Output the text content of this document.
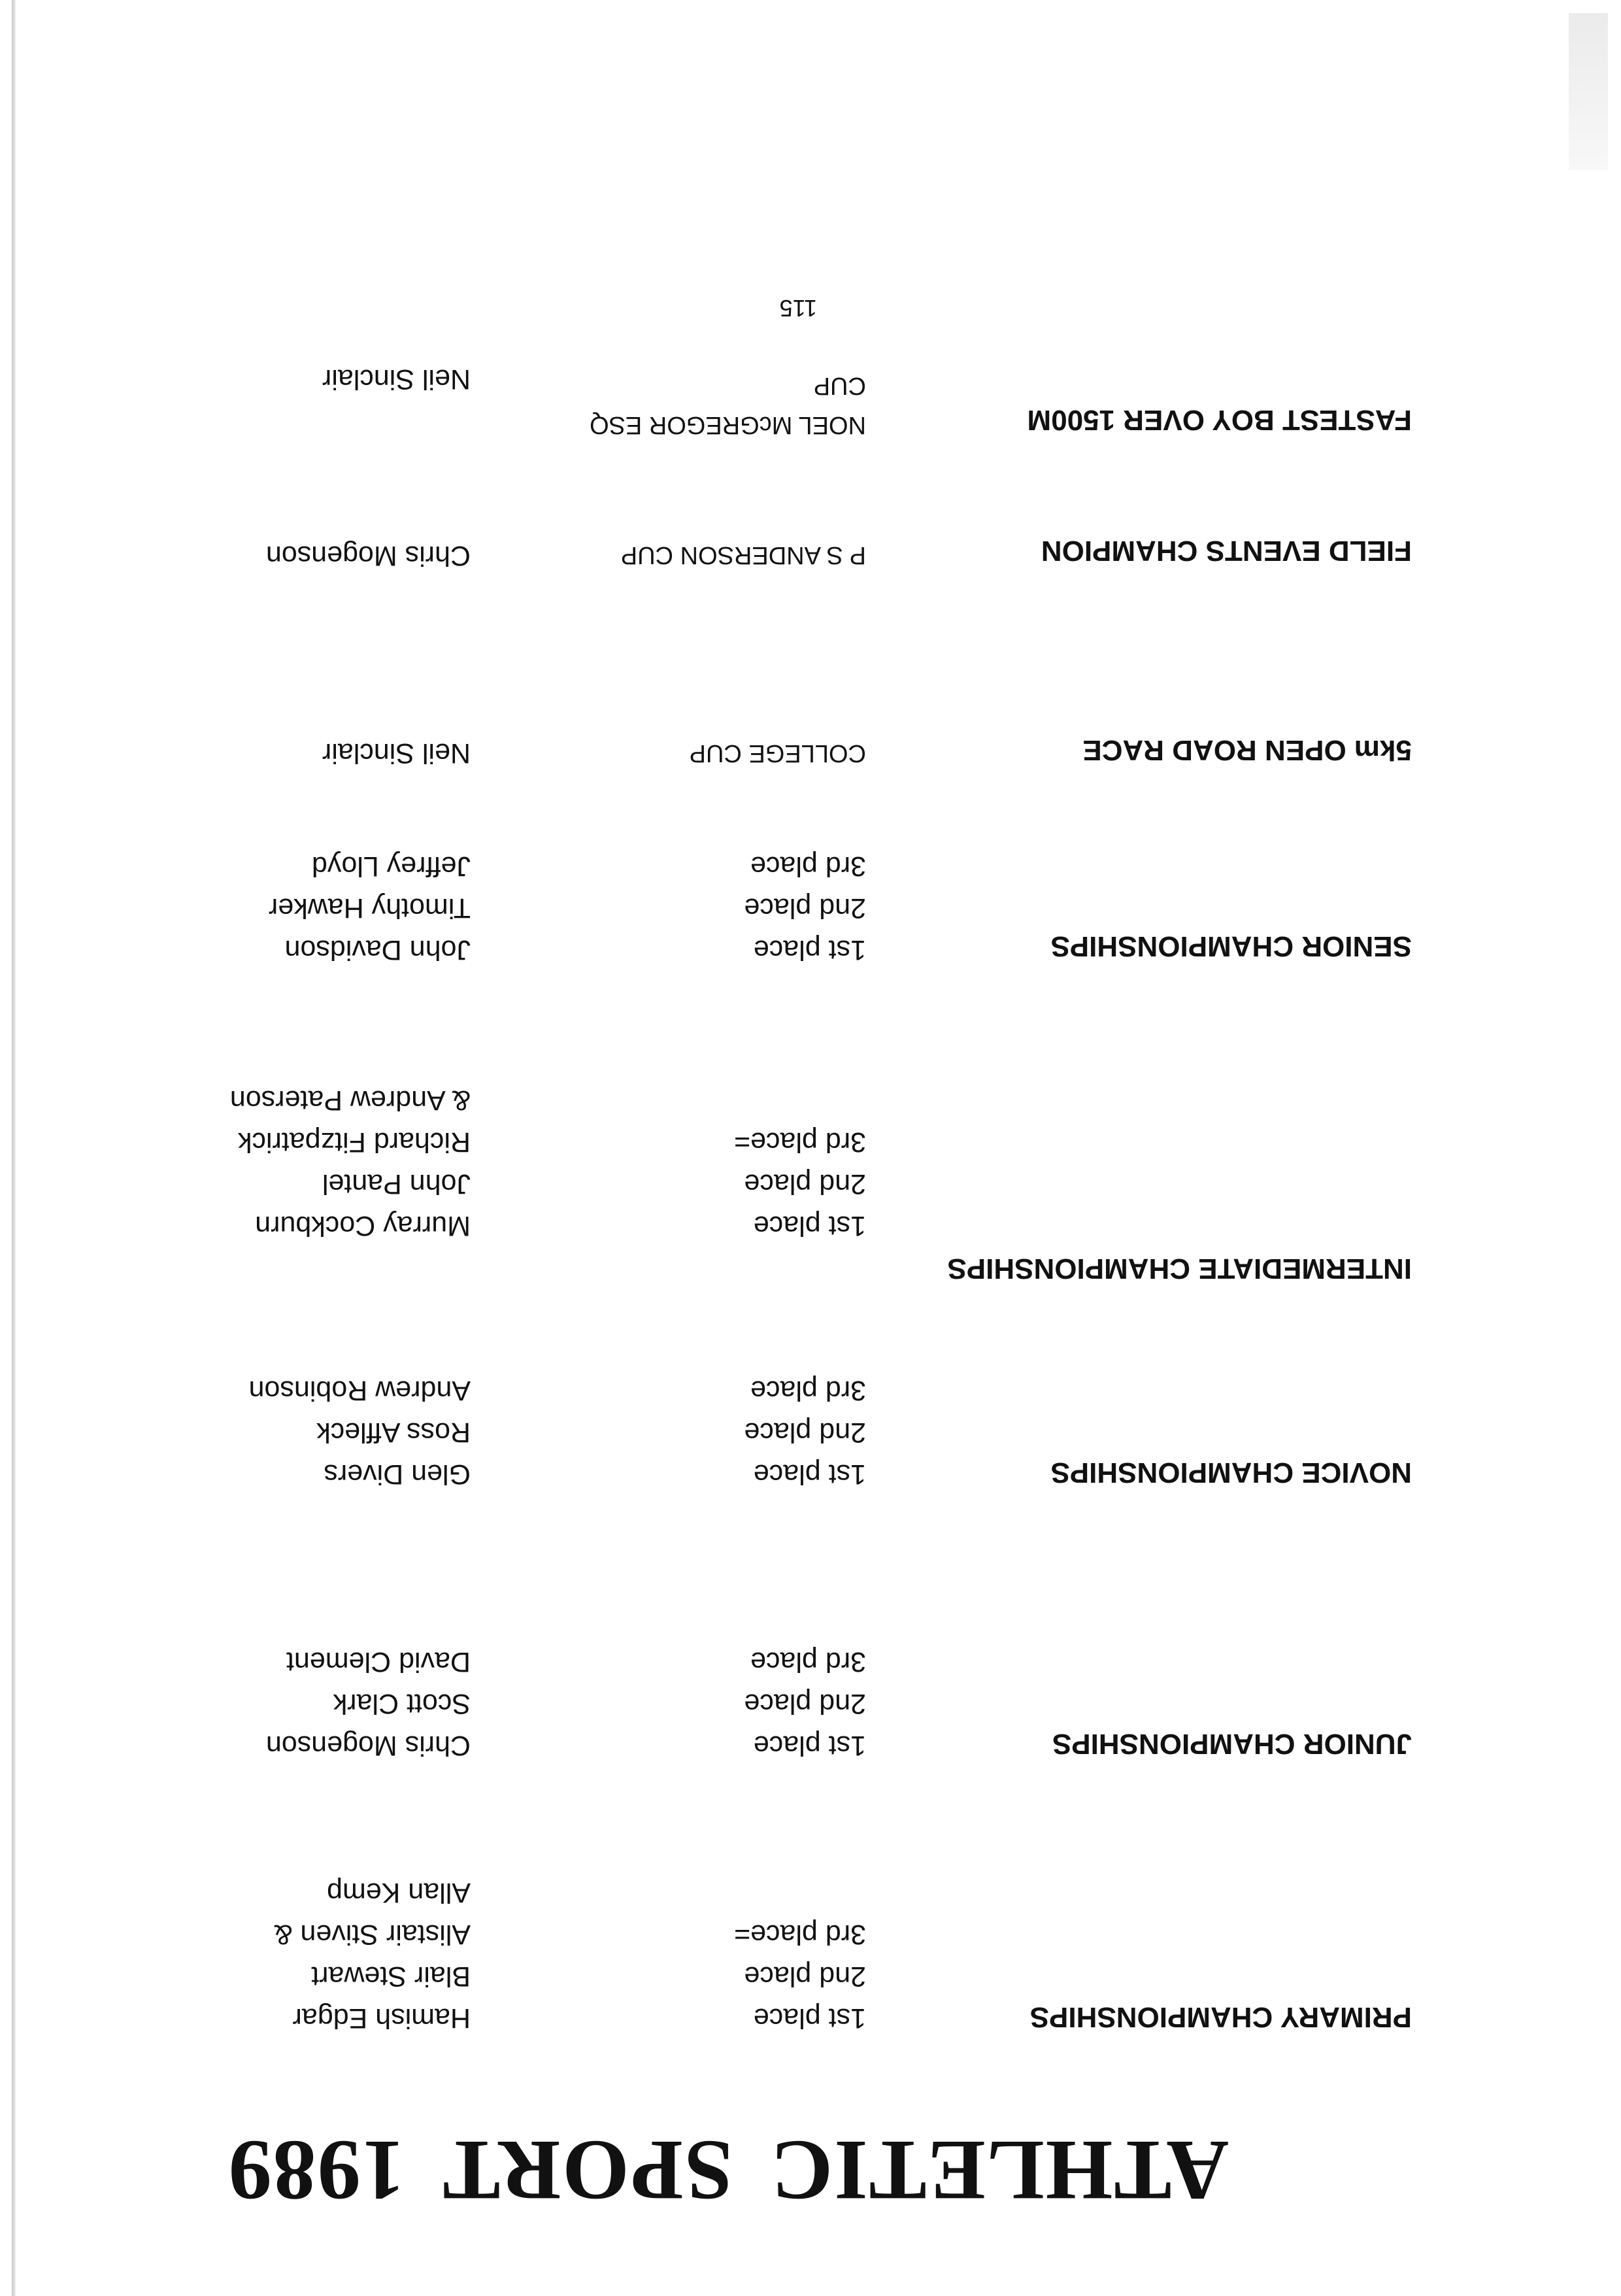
ATHLETICSPORT1989
PRIMARY CHAMPIONSHIPS
1st place
2nd place
3rd place=
Hamish Edgar
Blair Stewart
Alistair Stiven &
Allan Kemp
JUNIOR CHAMPIONSHIPS
1st place
2nd place
3rd place
Chris Mogenson
Scott Clark
David Clement
NOVICE CHAMPIONSHIPS
1st place
2nd place
3rd place
Glen Divers
Ross Affleck
Andrew Robinson
INTERMEDIATE CHAMPIONSHIPS
1st place
2nd place
3rd place=
Murray Cockburn
John Pantel
Richard Fitzpatrick
& Andrew Paterson
SENIOR CHAMPIONSHIPS
1st place
2nd place
3rd place
John Davidson
Timothy Hawker
Jeffrey Lloyd
5km OPEN ROAD RACE
COLLEGE CUP
Neil Sinclair
FIELD EVENTS CHAMPION
P S ANDERSON CUP
Chris Mogenson
FASTEST BOY OVER 1500M
NOEL McGREGOR ESQ
CUP
Neil Sinclair
115
